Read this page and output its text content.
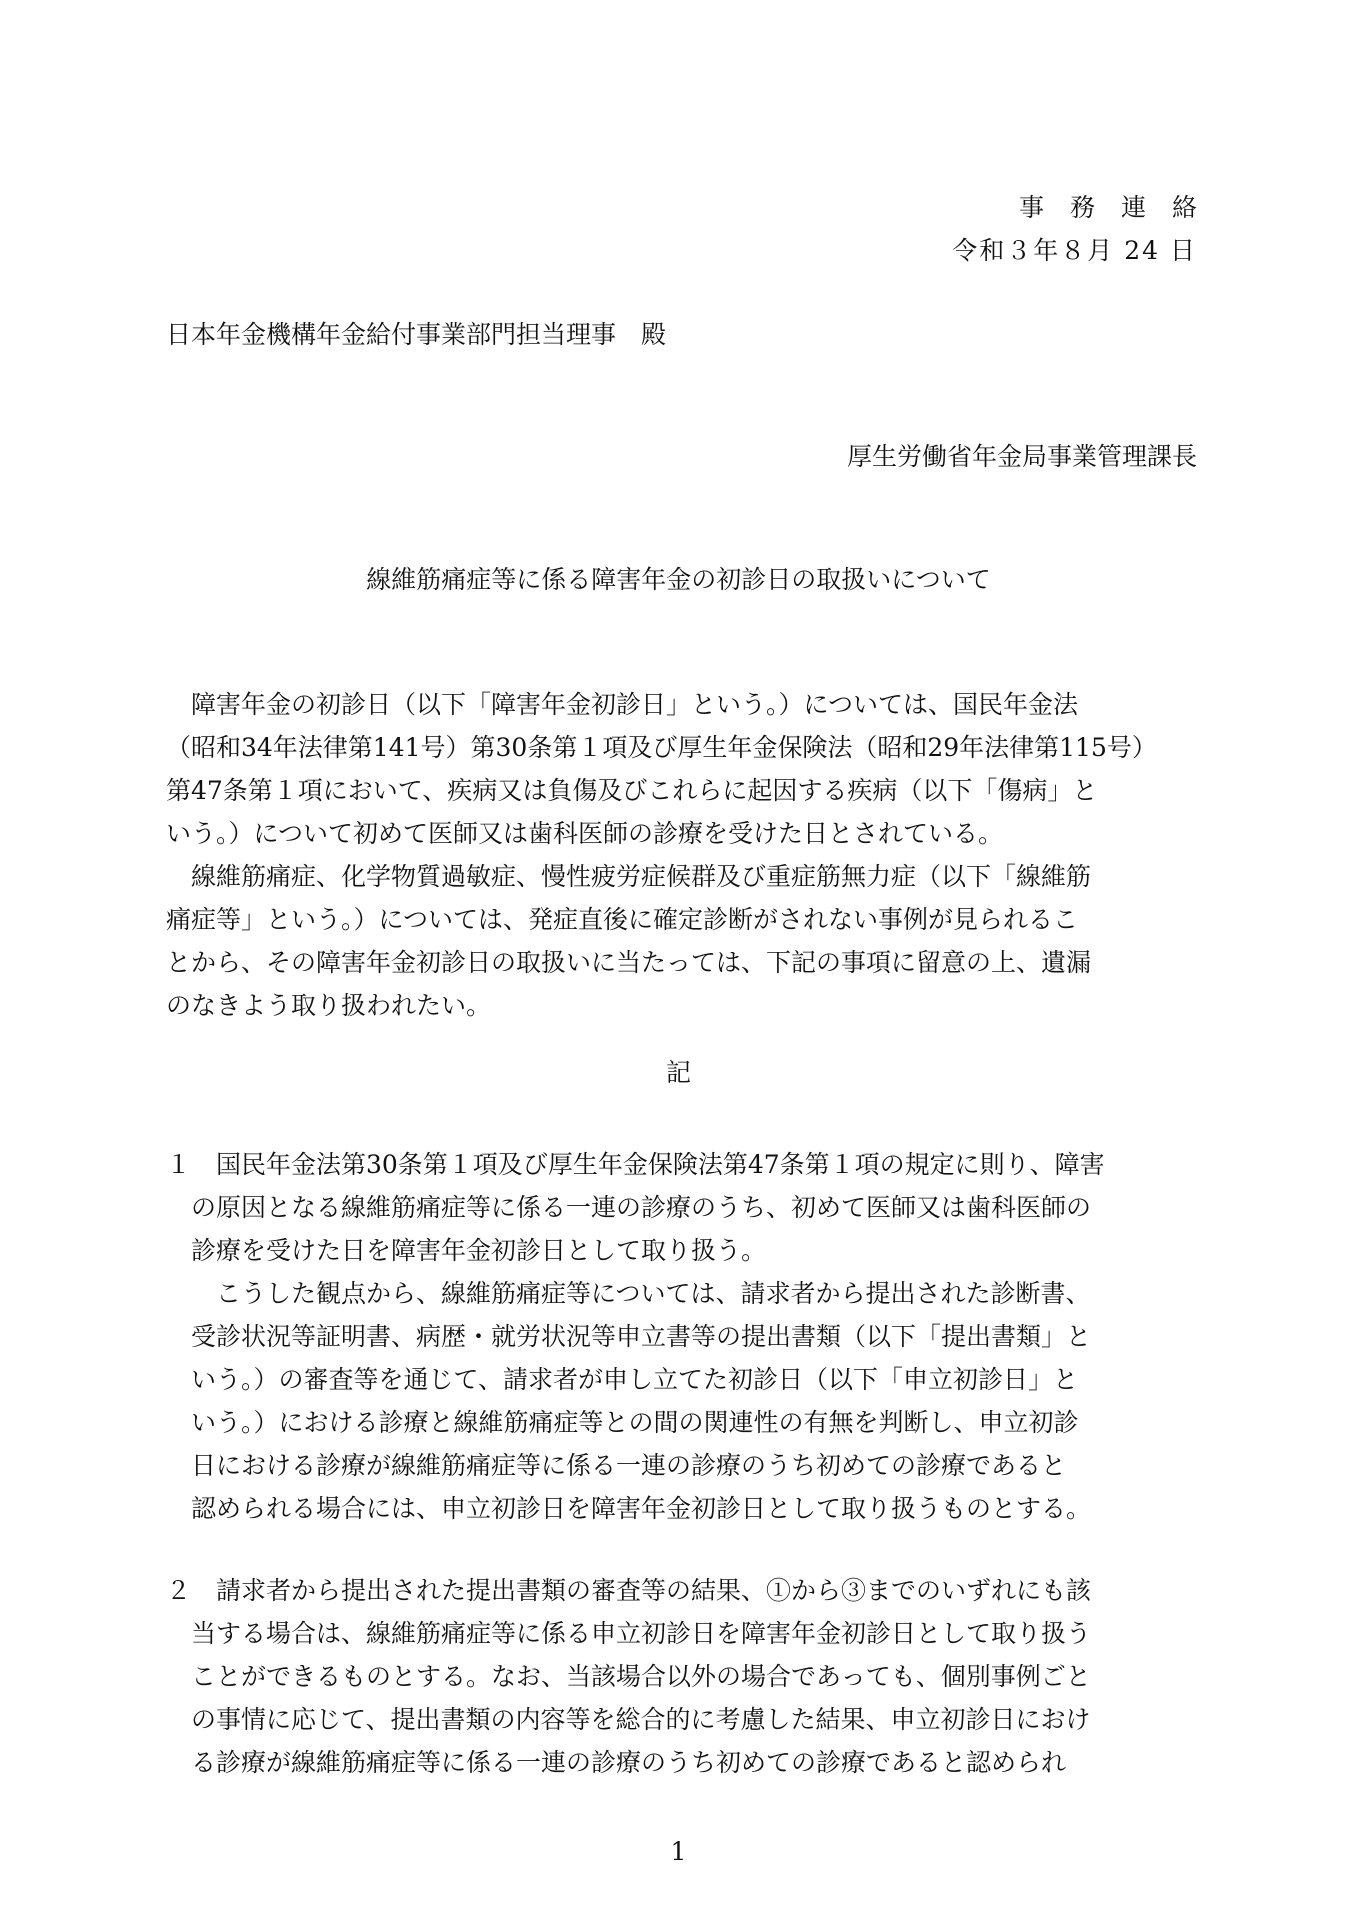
事務連絡
令和３年８月 24 日
日本年金機構年金給付事業部門担当理事　殿
厚生労働省年金局事業管理課長
線維筋痛症等に係る障害年金の初診日の取扱いについて
障害年金の初診日（以下「障害年金初診日」という。）については、国民年金法
（昭和34年法律第141号）第30条第１項及び厚生年金保険法（昭和29年法律第115号）
第47条第１項において、疾病又は負傷及びこれらに起因する疾病（以下「傷病」と
いう。）について初めて医師又は歯科医師の診療を受けた日とされている。
線維筋痛症、化学物質過敏症、慢性疲労症候群及び重症筋無力症（以下「線維筋
痛症等」という。）については、発症直後に確定診断がされない事例が見られるこ
とから、その障害年金初診日の取扱いに当たっては、下記の事項に留意の上、遺漏
のなきよう取り扱われたい。
記
１ 国民年金法第30条第１項及び厚生年金保険法第47条第１項の規定に則り、障害
の原因となる線維筋痛症等に係る一連の診療のうち、初めて医師又は歯科医師の
診療を受けた日を障害年金初診日として取り扱う。
こうした観点から、線維筋痛症等については、請求者から提出された診断書、
受診状況等証明書、病歴・就労状況等申立書等の提出書類（以下「提出書類」と
いう。）の審査等を通じて、請求者が申し立てた初診日（以下「申立初診日」と
いう。）における診療と線維筋痛症等との間の関連性の有無を判断し、申立初診
日における診療が線維筋痛症等に係る一連の診療のうち初めての診療であると
認められる場合には、申立初診日を障害年金初診日として取り扱うものとする。
２ 請求者から提出された提出書類の審査等の結果、①から③までのいずれにも該
当する場合は、線維筋痛症等に係る申立初診日を障害年金初診日として取り扱う
ことができるものとする。なお、当該場合以外の場合であっても、個別事例ごと
の事情に応じて、提出書類の内容等を総合的に考慮した結果、申立初診日におけ
る診療が線維筋痛症等に係る一連の診療のうち初めての診療であると認められ
1
